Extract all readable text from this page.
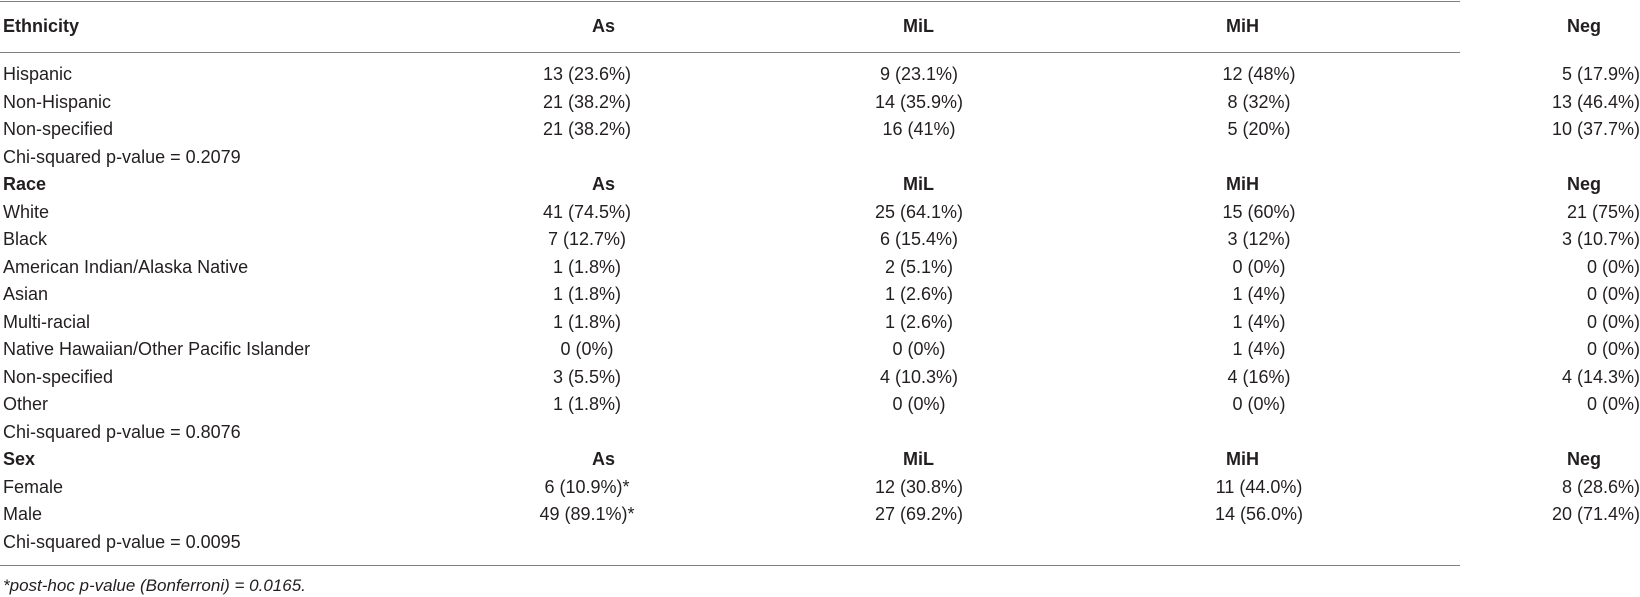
Ethnicity	As	MiL	MiH	Neg

Hispanic	13 (23.6%)	9 (23.1%)	12 (48%)	5 (17.9%)
Non-Hispanic	21 (38.2%)	14 (35.9%)	8 (32%)	13 (46.4%)
Non-specified	21 (38.2%)	16 (41%)	5 (20%)	10 (37.7%)
Chi-squared p-value = 0.2079				
Race	As	MiL	MiH	Neg
White	41 (74.5%)	25 (64.1%)	15 (60%)	21 (75%)
Black	7 (12.7%)	6 (15.4%)	3 (12%)	3 (10.7%)
American Indian/Alaska Native	1 (1.8%)	2 (5.1%)	0 (0%)	0 (0%)
Asian	1 (1.8%)	1 (2.6%)	1 (4%)	0 (0%)
Multi-racial	1 (1.8%)	1 (2.6%)	1 (4%)	0 (0%)
Native Hawaiian/Other Pacific Islander	0 (0%)	0 (0%)	1 (4%)	0 (0%)
Non-specified	3 (5.5%)	4 (10.3%)	4 (16%)	4 (14.3%)
Other	1 (1.8%)	0 (0%)	0 (0%)	0 (0%)
Chi-squared p-value = 0.8076				
Sex	As	MiL	MiH	Neg
Female	6 (10.9%)*	12 (30.8%)	11 (44.0%)	8 (28.6%)
Male	49 (89.1%)*	27 (69.2%)	14 (56.0%)	20 (71.4%)
Chi-squared p-value = 0.0095				
*post-hoc p-value (Bonferroni) = 0.0165.
